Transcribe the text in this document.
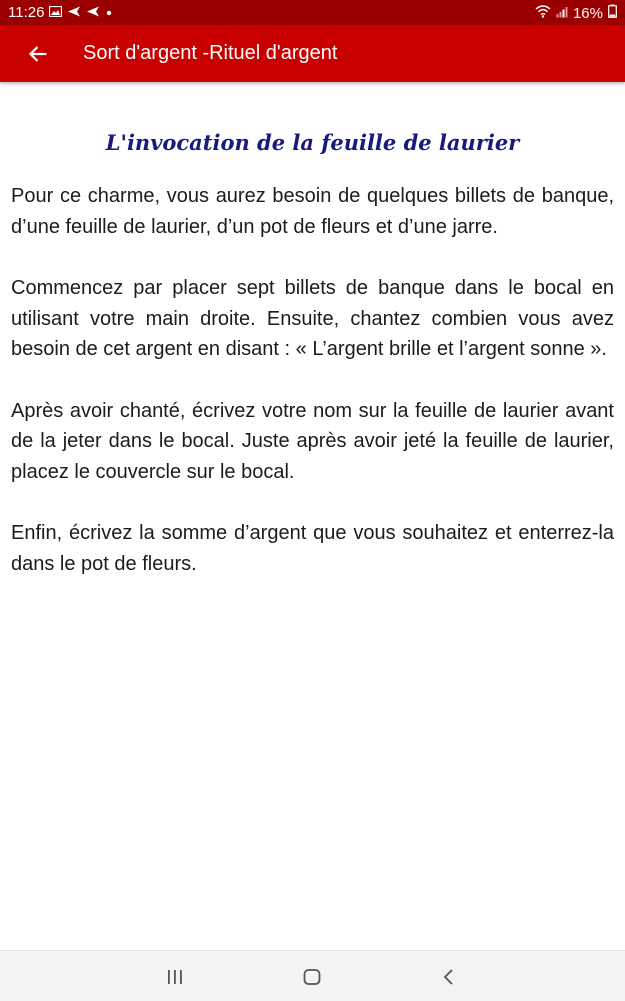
11:26	16%
Sort d'argent -Rituel d'argent
L'invocation de la feuille de laurier

Pour ce charme, vous aurez besoin de quelques billets de banque, d’une feuille de laurier, d’un pot de fleurs et d’une jarre.

Commencez par placer sept billets de banque dans le bocal en utilisant votre main droite. Ensuite, chantez combien vous avez besoin de cet argent en disant : « L’argent brille et l’argent sonne ».

Après avoir chanté, écrivez votre nom sur la feuille de laurier avant de la jeter dans le bocal. Juste après avoir jeté la feuille de laurier, placez le couvercle sur le bocal.

Enfin, écrivez la somme d’argent que vous souhaitez et enterrez-la dans le pot de fleurs.
